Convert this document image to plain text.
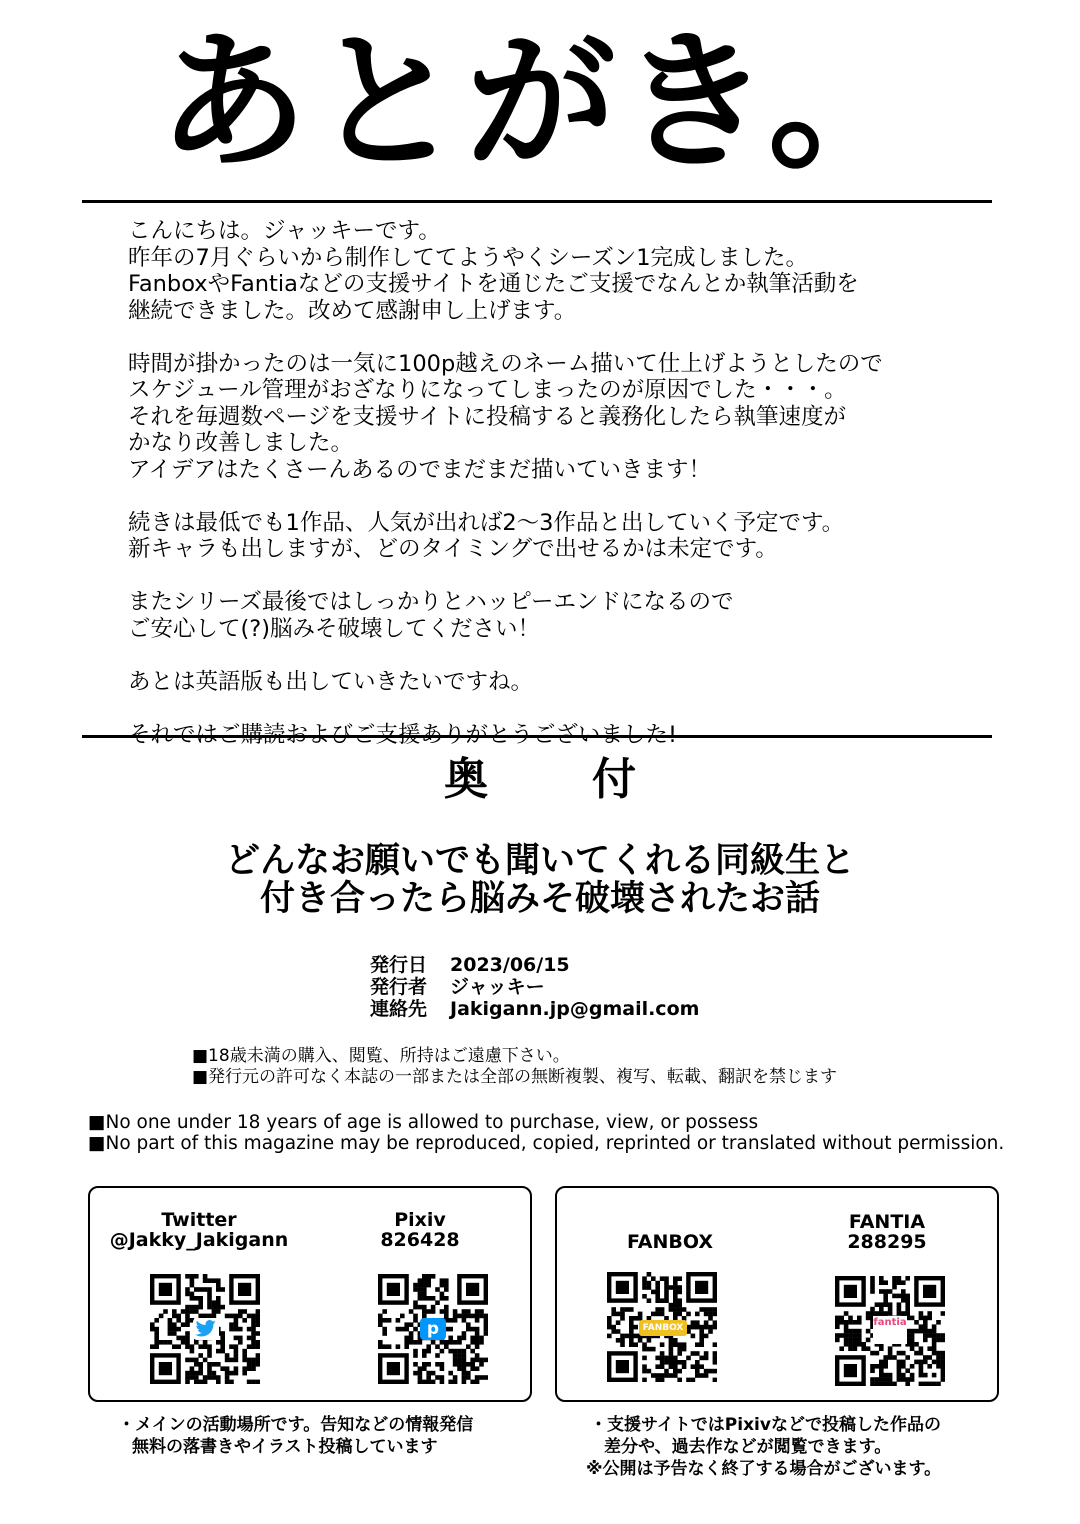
あとがき。

こんにちは。ジャッキーです。

昨年の7月ぐらいから制作しててようやくシーズン1完成しました。

FanboxやFantiaなどの支援サイトを通じたご支援でなんとか執筆活動を

継続できました。改めて感謝申し上げます。

時間が掛かったのは一気に100p越えのネーム描いて仕上げようとしたので

スケジュール管理がおざなりになってしまったのが原因でした・・・。

それを毎週数ページを支援サイトに投稿すると義務化したら執筆速度が

かなり改善しました。

アイデアはたくさーんあるのでまだまだ描いていきます！

続きは最低でも1作品、人気が出れば2～3作品と出していく予定です。

新キャラも出しますが、どのタイミングで出せるかは未定です。

またシリーズ最後ではしっかりとハッピーエンドになるので

ご安心して(?)脳みそ破壊してください！

あとは英語版も出していきたいですね。

奥 付
どんなお願いでも聞いてくれる同級生と
付き合ったら脳みそ破壊されたお話
発行日	2023/06/15
発行者	ジャッキー
連絡先	Jakigann.jp@gmail.com
■18歳未満の購入、閲覧、所持はご遠慮下さい。
■発行元の許可なく本誌の一部または全部の無断複製、複写、転載、翻訳を禁じます
■No one under 18 years of age is allowed to purchase, view, or possess
■No part of this magazine may be reproduced, copied, reprinted or translated without permission.
Twitter
@Jakky_Jakigann
Pixiv
826428
p
・メインの活動場所です。告知などの情報発信
無料の落書きやイラスト投稿しています
FANBOX
FANTIA
288295
FANBOX	fantia
・支援サイトではPixivなどで投稿した作品の
差分や、過去作などが閲覧できます。
※公開は予告なく終了する場合がございます。
